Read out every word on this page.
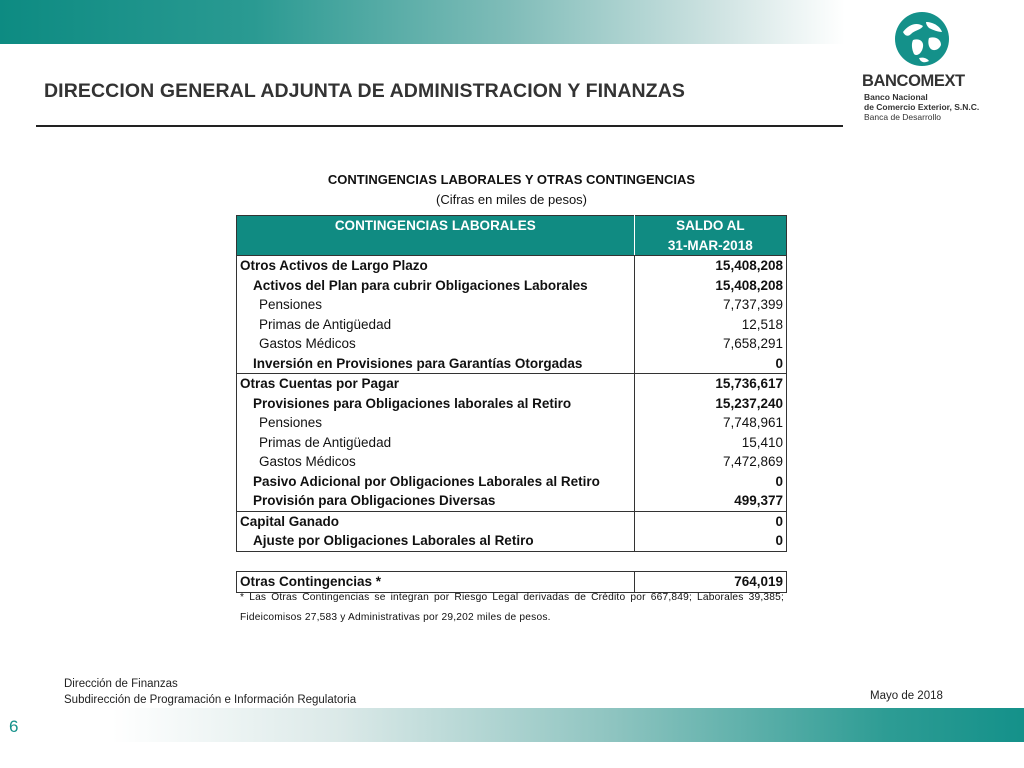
DIRECCION GENERAL ADJUNTA DE ADMINISTRACION Y FINANZAS	BANCOMEXT
Banco Nacional
de Comercio Exterior, S.N.C.
Banca de Desarrollo
CONTINGENCIAS LABORALES Y OTRAS CONTINGENCIAS
(Cifras en miles de pesos)
CONTINGENCIAS LABORALES	SALDO AL
	31-MAR-2018
Otros Activos de Largo Plazo	15,408,208
Activos del Plan para cubrir Obligaciones Laborales	15,408,208
Pensiones	7,737,399
Primas de Antigüedad	12,518
Gastos Médicos	7,658,291
Inversión en Provisiones para Garantías Otorgadas	0
Otras Cuentas por Pagar	15,736,617
Provisiones para Obligaciones laborales al Retiro	15,237,240
Pensiones	7,748,961
Primas de Antigüedad	15,410
Gastos Médicos	7,472,869
Pasivo Adicional por Obligaciones Laborales al Retiro	0
Provisión para Obligaciones Diversas	499,377
Capital Ganado	0
Ajuste por Obligaciones Laborales al Retiro	0

Otras Contingencias *	764,019
* Las Otras Contingencias se integran por Riesgo Legal derivadas de Crédito por 667,849; Laborales 39,385; Fideicomisos 27,583 y Administrativas por 29,202 miles de pesos.
Dirección de Finanzas
Subdirección de Programación e Información Regulatoria	Mayo de 2018
6
